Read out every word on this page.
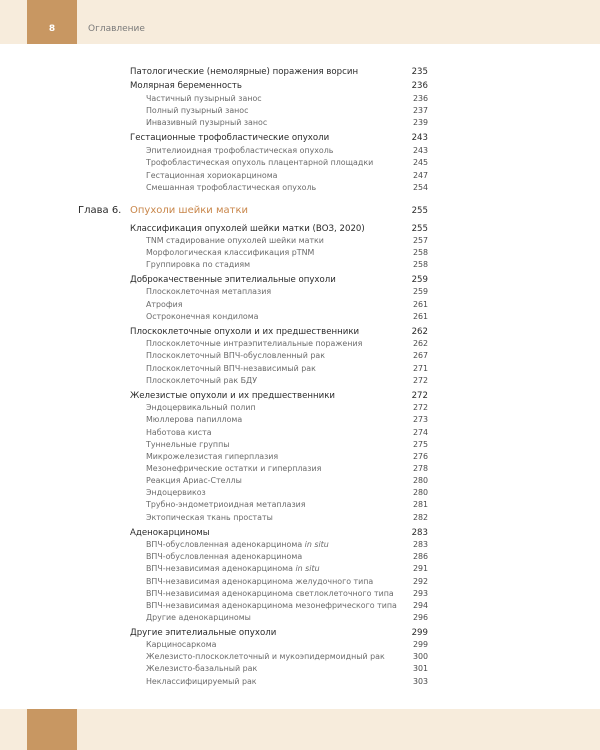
8	Оглавление
Патологические (немолярные) поражения ворсин	235
Молярная беременность	236
Частичный пузырный занос	236
Полный пузырный занос	237
Инвазивный пузырный занос	239
Гестационные трофобластические опухоли	243
Эпителиоидная трофобластическая опухоль	243
Трофобластическая опухоль плацентарной площадки	245
Гестационная хориокарцинома	247
Смешанная трофобластическая опухоль	254
Глава 6. Опухоли шейки матки	255
Классификация опухолей шейки матки (ВОЗ, 2020)	255
TNM стадирование опухолей шейки матки	257
Морфологическая классификация pTNM	258
Группировка по стадиям	258
Доброкачественные эпителиальные опухоли	259
Плоскоклеточная метаплазия	259
Атрофия	261
Остроконечная кондилома	261
Плоскоклеточные опухоли и их предшественники	262
Плоскоклеточные интраэпителиальные поражения	262
Плоскоклеточный ВПЧ-обусловленный рак	267
Плоскоклеточный ВПЧ-независимый рак	271
Плоскоклеточный рак БДУ	272
Железистые опухоли и их предшественники	272
Эндоцервикальный полип	272
Мюллерова папиллома	273
Наботова киста	274
Туннельные группы	275
Микрожелезистая гиперплазия	276
Мезонефрические остатки и гиперплазия	278
Реакция Ариас-Стеллы	280
Эндоцервикоз	280
Трубно-эндометриоидная метаплазия	281
Эктопическая ткань простаты	282
Аденокарциномы	283
ВПЧ-обусловленная аденокарцинома in situ	283
ВПЧ-обусловленная аденокарцинома	286
ВПЧ-независимая аденокарцинома in situ	291
ВПЧ-независимая аденокарцинома желудочного типа	292
ВПЧ-независимая аденокарцинома светлоклеточного типа 293
ВПЧ-независимая аденокарцинома мезонефрического типа 294
Другие аденокарциномы	296
Другие эпителиальные опухоли	299
Карциносаркома	299
Железисто-плоскоклеточный и мукоэпидермоидный рак	300
Железисто-базальный рак	301
Неклассифицируемый рак	303
